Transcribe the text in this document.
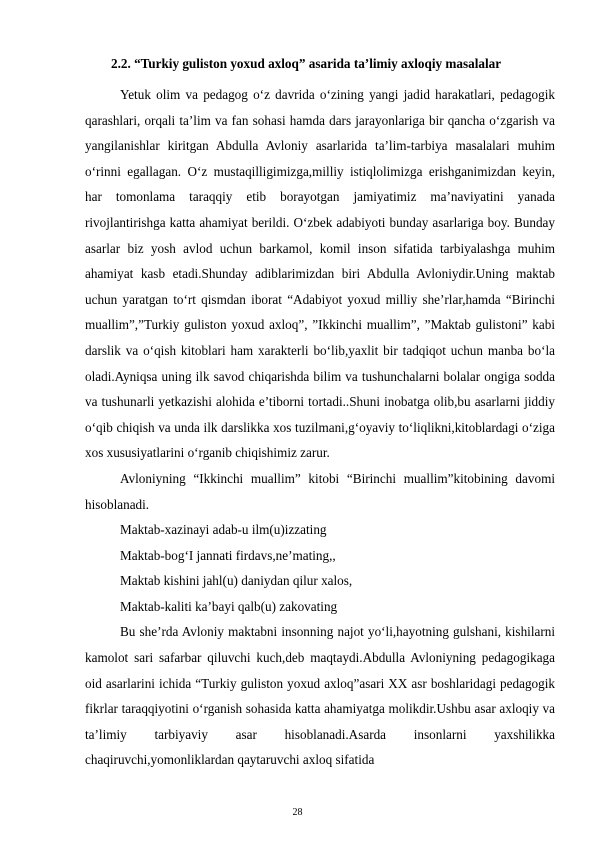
2.2. “Turkiy guliston yoxud axloq” asarida ta’limiy axloqiy masalalar

Yetuk olim va pedagog o‘z davrida o‘zining yangi jadid harakatlari, pedagogik qarashlari, orqali ta’lim va fan sohasi hamda dars jarayonlariga bir qancha o‘zgarish va yangilanishlar kiritgan Abdulla Avloniy asarlarida ta’lim-tarbiya masalalari muhim o‘rinni egallagan. O‘z mustaqilligimizga,milliy istiqlolimizga erishganimizdan keyin, har tomonlama taraqqiy etib borayotgan jamiyatimiz ma’naviyatini yanada rivojlantirishga katta ahamiyat berildi. O‘zbek adabiyoti bunday asarlariga boy. Bunday asarlar biz yosh avlod uchun barkamol, komil inson sifatida tarbiyalashga muhim ahamiyat kasb etadi.Shunday adiblarimizdan biri Abdulla Avloniydir.Uning maktab uchun yaratgan to‘rt qismdan iborat “Adabiyot yoxud milliy she’rlar,hamda “Birinchi muallim”,”Turkiy guliston yoxud axloq”, ”Ikkinchi muallim”, ”Maktab gulistoni” kabi darslik va o‘qish kitoblari ham xarakterli bo‘lib,yaxlit bir tadqiqot uchun manba bo‘la oladi.Ayniqsa uning ilk savod chiqarishda bilim va tushunchalarni bolalar ongiga sodda va tushunarli yetkazishi alohida e’tiborni tortadi..Shuni inobatga olib,bu asarlarni jiddiy o‘qib chiqish va unda ilk darslikka xos tuzilmani,g‘oyaviy to‘liqlikni,kitoblardagi o‘ziga xos xususiyatlarini o‘rganib chiqishimiz zarur.

Avloniyning “Ikkinchi muallim” kitobi “Birinchi muallim”kitobining davomi hisoblanadi.

Maktab-xazinayi adab-u ilm(u)izzating

Maktab-bog‘I jannati firdavs,ne’mating,,

Maktab kishini jahl(u) daniydan qilur xalos,

Maktab-kaliti ka’bayi qalb(u) zakovating

Bu she’rda Avloniy maktabni insonning najot yo‘li,hayotning gulshani, kishilarni kamolot sari safarbar qiluvchi kuch,deb maqtaydi.Abdulla Avloniyning pedagogikaga oid asarlarini ichida “Turkiy guliston yoxud axloq”asari XX asr boshlaridagi pedagogik fikrlar taraqqiyotini o‘rganish sohasida katta ahamiyatga molikdir.Ushbu asar axloqiy va ta’limiy tarbiyaviy asar hisoblanadi.Asarda insonlarni yaxshilikka chaqiruvchi,yomonliklardan qaytaruvchi axloq sifatida

28
